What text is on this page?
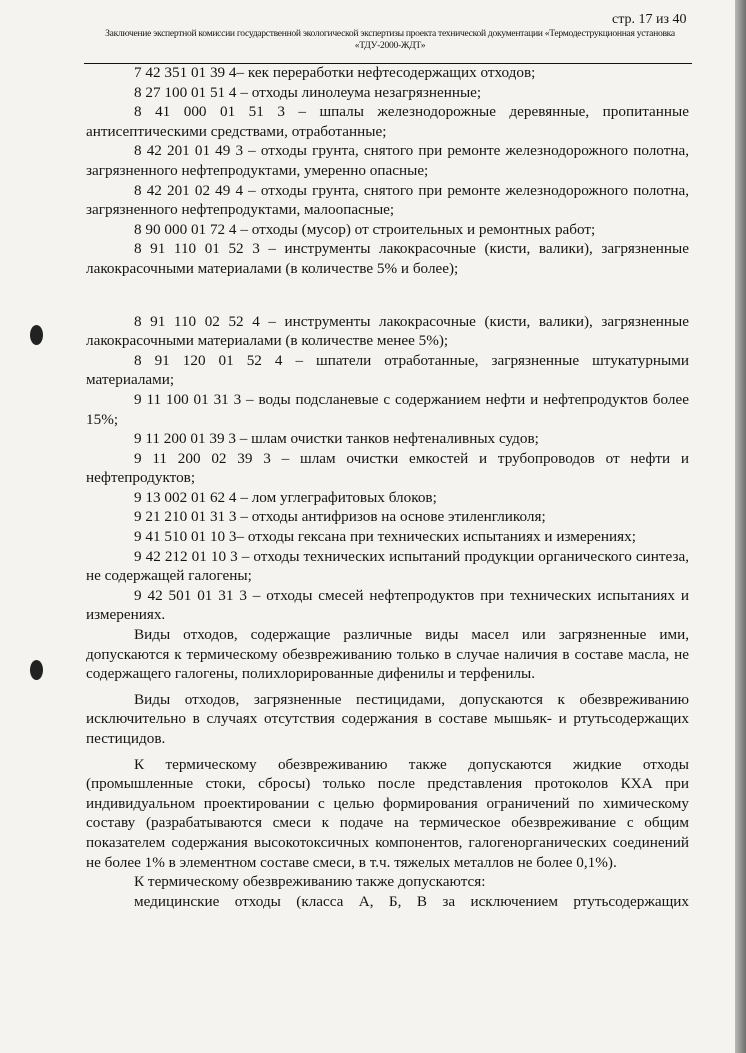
стр. 17 из 40
Заключение экспертной комиссии государственной экологической экспертизы проекта технической документации «Термодеструкционная установка «ТДУ-2000-ЖДТ»

7 42 351 01 39 4– кек переработки нефтесодержащих отходов;

8 27 100 01 51 4 – отходы линолеума незагрязненные;

8 41 000 01 51 3 – шпалы железнодорожные деревянные, пропитанные антисептическими средствами, отработанные;

8 42 201 01 49 3 – отходы грунта, снятого при ремонте железнодорожного полотна, загрязненного нефтепродуктами, умеренно опасные;

8 42 201 02 49 4 – отходы грунта, снятого при ремонте железнодорожного полотна, загрязненного нефтепродуктами, малоопасные;

8 90 000 01 72 4 – отходы (мусор) от строительных и ремонтных работ;

8 91 110 01 52 3 – инструменты лакокрасочные (кисти, валики), загрязненные лакокрасочными материалами (в количестве 5% и более);

8 91 110 02 52 4 – инструменты лакокрасочные (кисти, валики), загрязненные лакокрасочными материалами (в количестве менее 5%);

8 91 120 01 52 4 – шпатели отработанные, загрязненные штукатурными материалами;

9 11 100 01 31 3 – воды подсланевые с содержанием нефти и нефтепродуктов более 15%;

9 11 200 01 39 3 – шлам очистки танков нефтеналивных судов;

9 11 200 02 39 3 – шлам очистки емкостей и трубопроводов от нефти и нефтепродуктов;

9 13 002 01 62 4 – лом углеграфитовых блоков;

9 21 210 01 31 3 – отходы антифризов на основе этиленгликоля;

9 41 510 01 10 3– отходы гексана при технических испытаниях и измерениях;

9 42 212 01 10 3 – отходы технических испытаний продукции органического синтеза, не содержащей галогены;

9 42 501 01 31 3 – отходы смесей нефтепродуктов при технических испытаниях и измерениях.

Виды отходов, содержащие различные виды масел или загрязненные ими, допускаются к термическому обезвреживанию только в случае наличия в составе масла, не содержащего галогены, полихлорированные дифенилы и терфенилы.

Виды отходов, загрязненные пестицидами, допускаются к обезвреживанию исключительно в случаях отсутствия содержания в составе мышьяк- и ртутьсодержащих пестицидов.

К термическому обезвреживанию также допускаются жидкие отходы (промышленные стоки, сбросы) только после представления протоколов КХА при индивидуальном проектировании с целью формирования ограничений по химическому составу (разрабатываются смеси к подаче на термическое обезвреживание с общим показателем содержания высокотоксичных компонентов, галогенорганических соединений не более 1% в элементном составе смеси, в т.ч. тяжелых металлов не более 0,1%).

К термическому обезвреживанию также допускаются:

медицинские отходы (класса А, Б, В за исключением ртутьсодержащих
